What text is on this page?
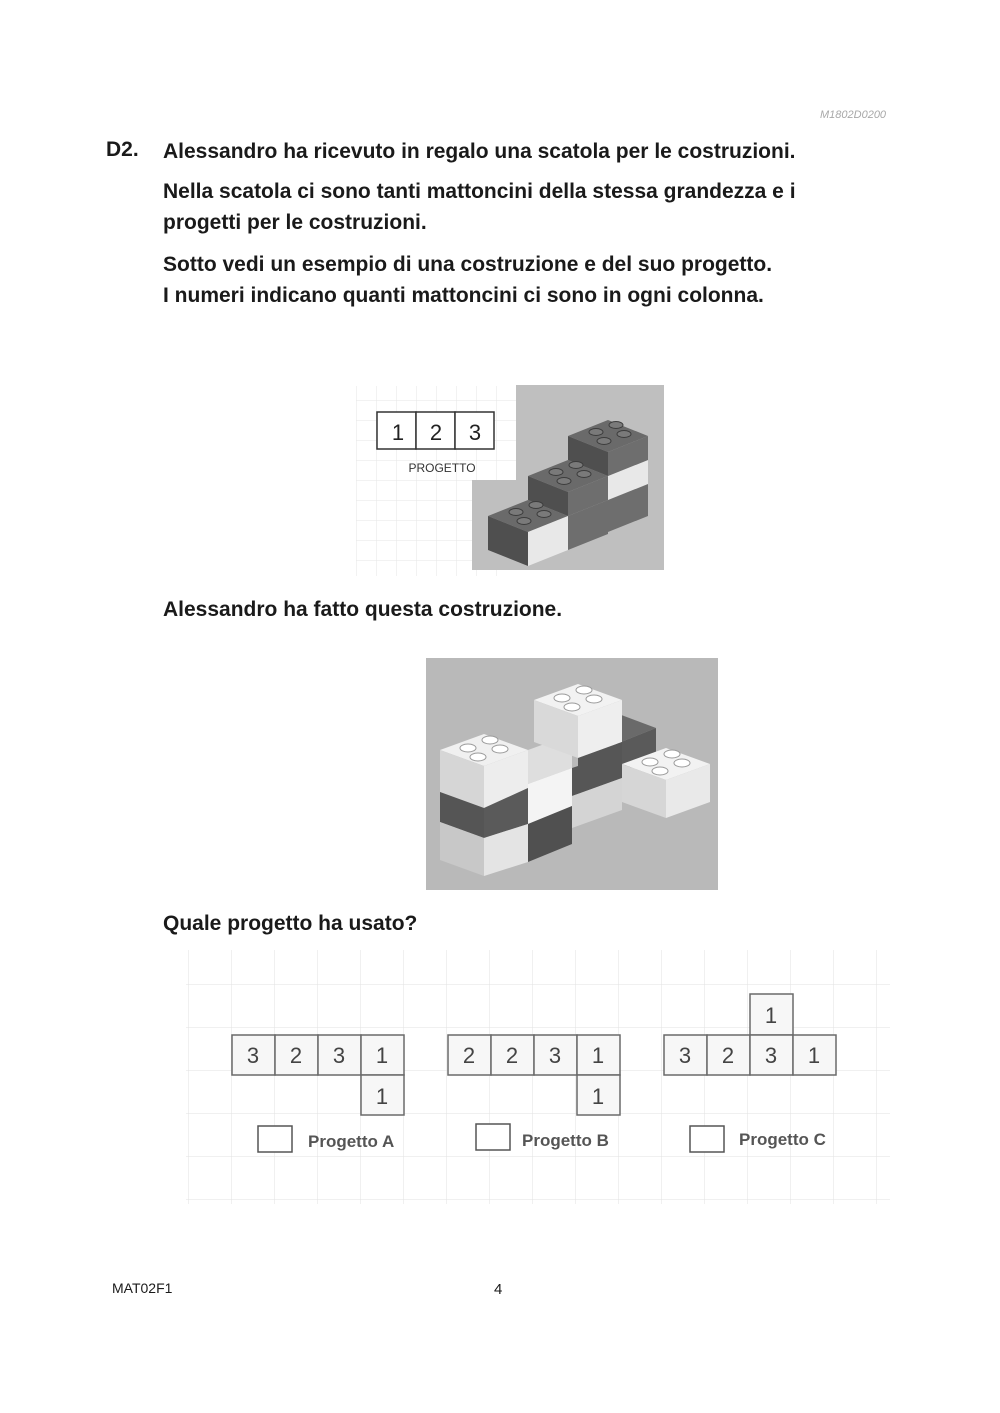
M1802D0200
D2. Alessandro ha ricevuto in regalo una scatola per le costruzioni.

Nella scatola ci sono tanti mattoncini della stessa grandezza e i
progetti per le costruzioni.

Sotto vedi un esempio di una costruzione e del suo progetto.
I numeri indicano quanti mattoncini ci sono in ogni colonna.

1 2 3
PROGETTO

Alessandro ha fatto questa costruzione.

Quale progetto ha usato?

3 2 3 1
1
Progetto A
2 2 3 1
1
Progetto B
1
3 2 3 1
Progetto C
MAT02F1	4
